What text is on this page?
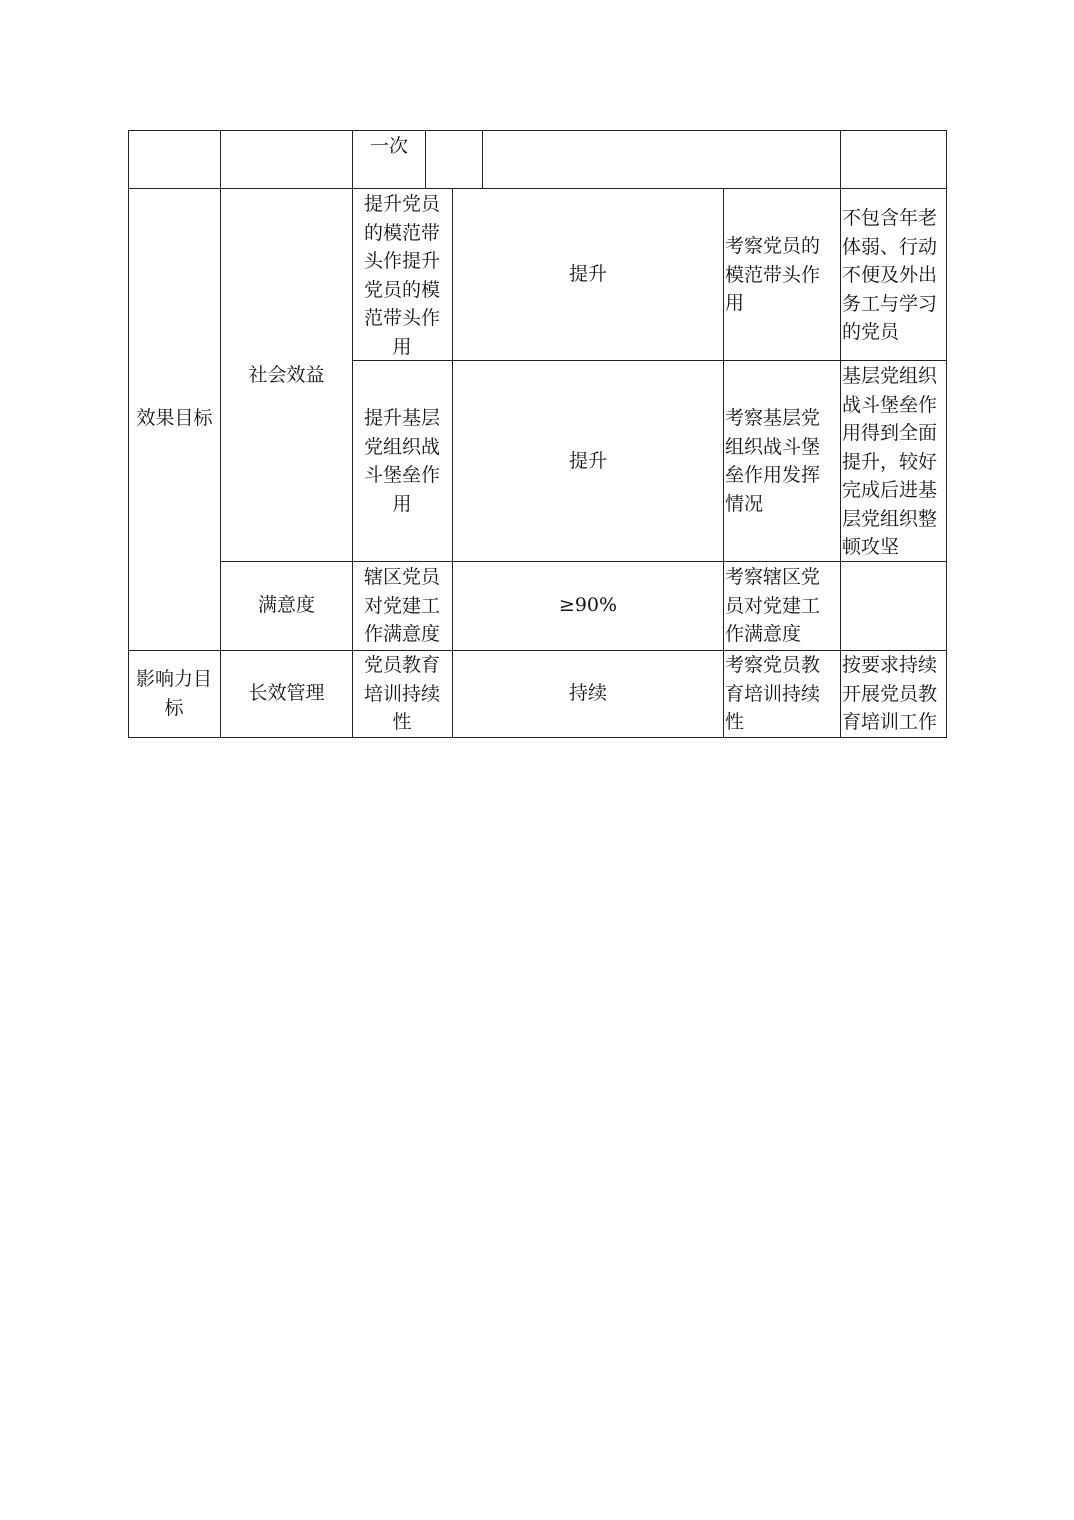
一次
效果目标
社会效益
提升党员的模范带头作提升党员的模范带头作用
提升
考察党员的模范带头作用
不包含年老体弱、行动不便及外出务工与学习的党员
提升基层党组织战斗堡垒作用
提升
考察基层党组织战斗堡垒作用发挥情况
基层党组织战斗堡垒作用得到全面提升，较好完成后进基层党组织整顿攻坚
满意度
辖区党员对党建工作满意度
≥90%
考察辖区党员对党建工作满意度
影响力目标
长效管理
党员教育培训持续性
持续
考察党员教育培训持续性
按要求持续开展党员教育培训工作
